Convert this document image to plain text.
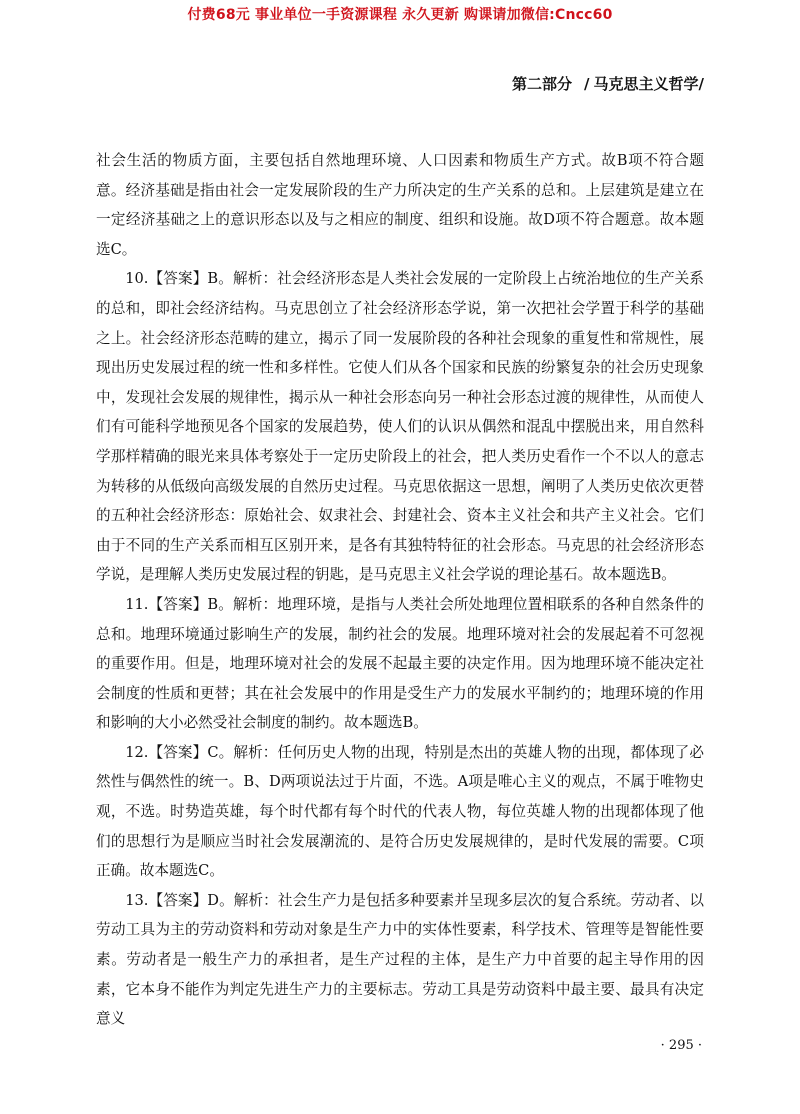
付费68元 事业单位一手资源课程 永久更新 购课请加微信:Cncc60
第二部分 / 马克思主义哲学/

社会生活的物质方面，主要包括自然地理环境、人口因素和物质生产方式。故B项不符合题意。经济基础是指由社会一定发展阶段的生产力所决定的生产关系的总和。上层建筑是建立在一定经济基础之上的意识形态以及与之相应的制度、组织和设施。故D项不符合题意。故本题选C。

10.【答案】B。解析：社会经济形态是人类社会发展的一定阶段上占统治地位的生产关系的总和，即社会经济结构。马克思创立了社会经济形态学说，第一次把社会学置于科学的基础之上。社会经济形态范畴的建立，揭示了同一发展阶段的各种社会现象的重复性和常规性，展现出历史发展过程的统一性和多样性。它使人们从各个国家和民族的纷繁复杂的社会历史现象中，发现社会发展的规律性，揭示从一种社会形态向另一种社会形态过渡的规律性，从而使人们有可能科学地预见各个国家的发展趋势，使人们的认识从偶然和混乱中摆脱出来，用自然科学那样精确的眼光来具体考察处于一定历史阶段上的社会，把人类历史看作一个不以人的意志为转移的从低级向高级发展的自然历史过程。马克思依据这一思想，阐明了人类历史依次更替的五种社会经济形态：原始社会、奴隶社会、封建社会、资本主义社会和共产主义社会。它们由于不同的生产关系而相互区别开来，是各有其独特特征的社会形态。马克思的社会经济形态学说，是理解人类历史发展过程的钥匙，是马克思主义社会学说的理论基石。故本题选B。

11.【答案】B。解析：地理环境，是指与人类社会所处地理位置相联系的各种自然条件的总和。地理环境通过影响生产的发展，制约社会的发展。地理环境对社会的发展起着不可忽视的重要作用。但是，地理环境对社会的发展不起最主要的决定作用。因为地理环境不能决定社会制度的性质和更替；其在社会发展中的作用是受生产力的发展水平制约的；地理环境的作用和影响的大小必然受社会制度的制约。故本题选B。

12.【答案】C。解析：任何历史人物的出现，特别是杰出的英雄人物的出现，都体现了必然性与偶然性的统一。B、D两项说法过于片面，不选。A项是唯心主义的观点，不属于唯物史观，不选。时势造英雄，每个时代都有每个时代的代表人物，每位英雄人物的出现都体现了他们的思想行为是顺应当时社会发展潮流的、是符合历史发展规律的，是时代发展的需要。C项正确。故本题选C。

13.【答案】D。解析：社会生产力是包括多种要素并呈现多层次的复合系统。劳动者、以劳动工具为主的劳动资料和劳动对象是生产力中的实体性要素，科学技术、管理等是智能性要素。劳动者是一般生产力的承担者，是生产过程的主体，是生产力中首要的起主导作用的因素，它本身不能作为判定先进生产力的主要标志。劳动工具是劳动资料中最主要、最具有决定意义

· 295 ·
